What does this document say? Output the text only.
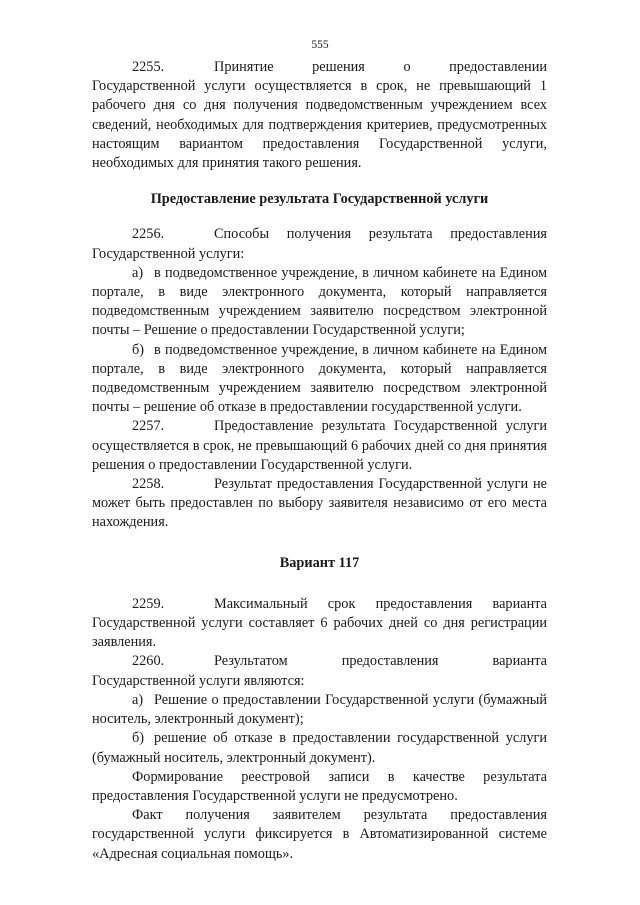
555

2255.	Принятие решения о предоставлении Государственной услуги осуществляется в срок, не превышающий 1 рабочего дня со дня получения подведомственным учреждением всех сведений, необходимых для подтверждения критериев, предусмотренных настоящим вариантом предоставления Государственной услуги, необходимых для принятия такого решения.

Предоставление результата Государственной услуги

2256.	Способы получения результата предоставления Государственной услуги:

а) в подведомственное учреждение, в личном кабинете на Едином портале, в виде электронного документа, который направляется подведомственным учреждением заявителю посредством электронной почты – Решение о предоставлении Государственной услуги;

б) в подведомственное учреждение, в личном кабинете на Едином портале, в виде электронного документа, который направляется подведомственным учреждением заявителю посредством электронной почты – решение об отказе в предоставлении государственной услуги.

2257.	Предоставление результата Государственной услуги осуществляется в срок, не превышающий 6 рабочих дней со дня принятия решения о предоставлении Государственной услуги.

2258.	Результат предоставления Государственной услуги не может быть предоставлен по выбору заявителя независимо от его места нахождения.

Вариант 117

2259.	Максимальный срок предоставления варианта Государственной услуги составляет 6 рабочих дней со дня регистрации заявления.

2260.	Результатом предоставления варианта Государственной услуги являются:

а) Решение о предоставлении Государственной услуги (бумажный носитель, электронный документ);

б) решение об отказе в предоставлении государственной услуги (бумажный носитель, электронный документ).

Формирование реестровой записи в качестве результата предоставления Государственной услуги не предусмотрено.

Факт получения заявителем результата предоставления государственной услуги фиксируется в Автоматизированной системе «Адресная социальная помощь».
